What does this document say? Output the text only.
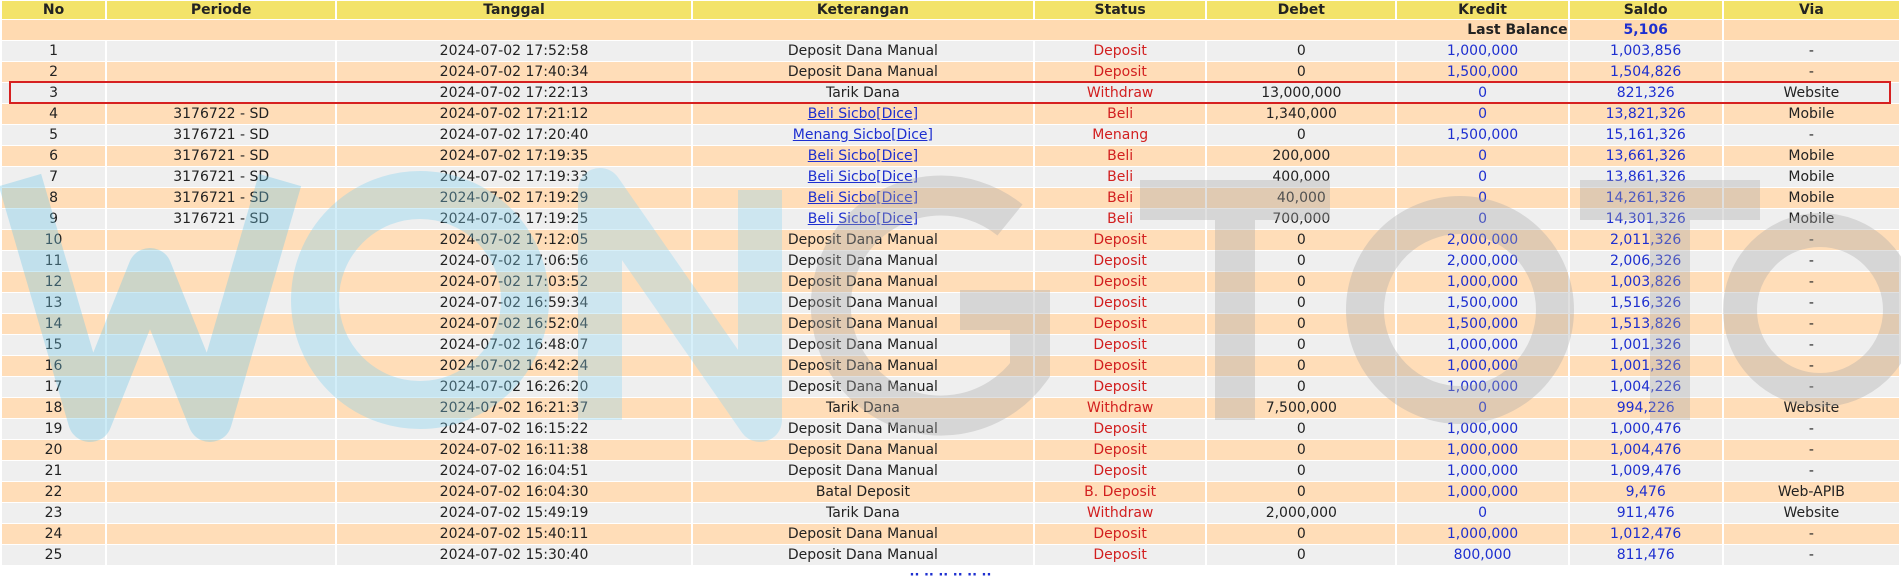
No	Periode	Tanggal	Keterangan	Status	Debet	Kredit	Saldo	Via
Last Balance							5,106	
1		2024-07-02 17:52:58	Deposit Dana Manual	Deposit	0	1,000,000	1,003,856	-
2		2024-07-02 17:40:34	Deposit Dana Manual	Deposit	0	1,500,000	1,504,826	-
3		2024-07-02 17:22:13	Tarik Dana	Withdraw	13,000,000	0	821,326	Website
4	3176722 - SD	2024-07-02 17:21:12	Beli Sicbo[Dice]	Beli	1,340,000	0	13,821,326	Mobile
5	3176721 - SD	2024-07-02 17:20:40	Menang Sicbo[Dice]	Menang	0	1,500,000	15,161,326	-
6	3176721 - SD	2024-07-02 17:19:35	Beli Sicbo[Dice]	Beli	200,000	0	13,661,326	Mobile
7	3176721 - SD	2024-07-02 17:19:33	Beli Sicbo[Dice]	Beli	400,000	0	13,861,326	Mobile
8	3176721 - SD	2024-07-02 17:19:29	Beli Sicbo[Dice]	Beli	40,000	0	14,261,326	Mobile
9	3176721 - SD	2024-07-02 17:19:25	Beli Sicbo[Dice]	Beli	700,000	0	14,301,326	Mobile
10		2024-07-02 17:12:05	Deposit Dana Manual	Deposit	0	2,000,000	2,011,326	-
11		2024-07-02 17:06:56	Deposit Dana Manual	Deposit	0	2,000,000	2,006,326	-
12		2024-07-02 17:03:52	Deposit Dana Manual	Deposit	0	1,000,000	1,003,826	-
13		2024-07-02 16:59:34	Deposit Dana Manual	Deposit	0	1,500,000	1,516,326	-
14		2024-07-02 16:52:04	Deposit Dana Manual	Deposit	0	1,500,000	1,513,826	-
15		2024-07-02 16:48:07	Deposit Dana Manual	Deposit	0	1,000,000	1,001,326	-
16		2024-07-02 16:42:24	Deposit Dana Manual	Deposit	0	1,000,000	1,001,326	-
17		2024-07-02 16:26:20	Deposit Dana Manual	Deposit	0	1,000,000	1,004,226	-
18		2024-07-02 16:21:37	Tarik Dana	Withdraw	7,500,000	0	994,226	Website
19		2024-07-02 16:15:22	Deposit Dana Manual	Deposit	0	1,000,000	1,000,476	-
20		2024-07-02 16:11:38	Deposit Dana Manual	Deposit	0	1,000,000	1,004,476	-
21		2024-07-02 16:04:51	Deposit Dana Manual	Deposit	0	1,000,000	1,009,476	-
22		2024-07-02 16:04:30	Batal Deposit	B. Deposit	0	1,000,000	9,476	Web-APIB
23		2024-07-02 15:49:19	Tarik Dana	Withdraw	2,000,000	0	911,476	Website
24		2024-07-02 15:40:11	Deposit Dana Manual	Deposit	0	1,000,000	1,012,476	-
25		2024-07-02 15:30:40	Deposit Dana Manual	Deposit	0	800,000	811,476	-
·· ·· ·· ·· ·· ··
